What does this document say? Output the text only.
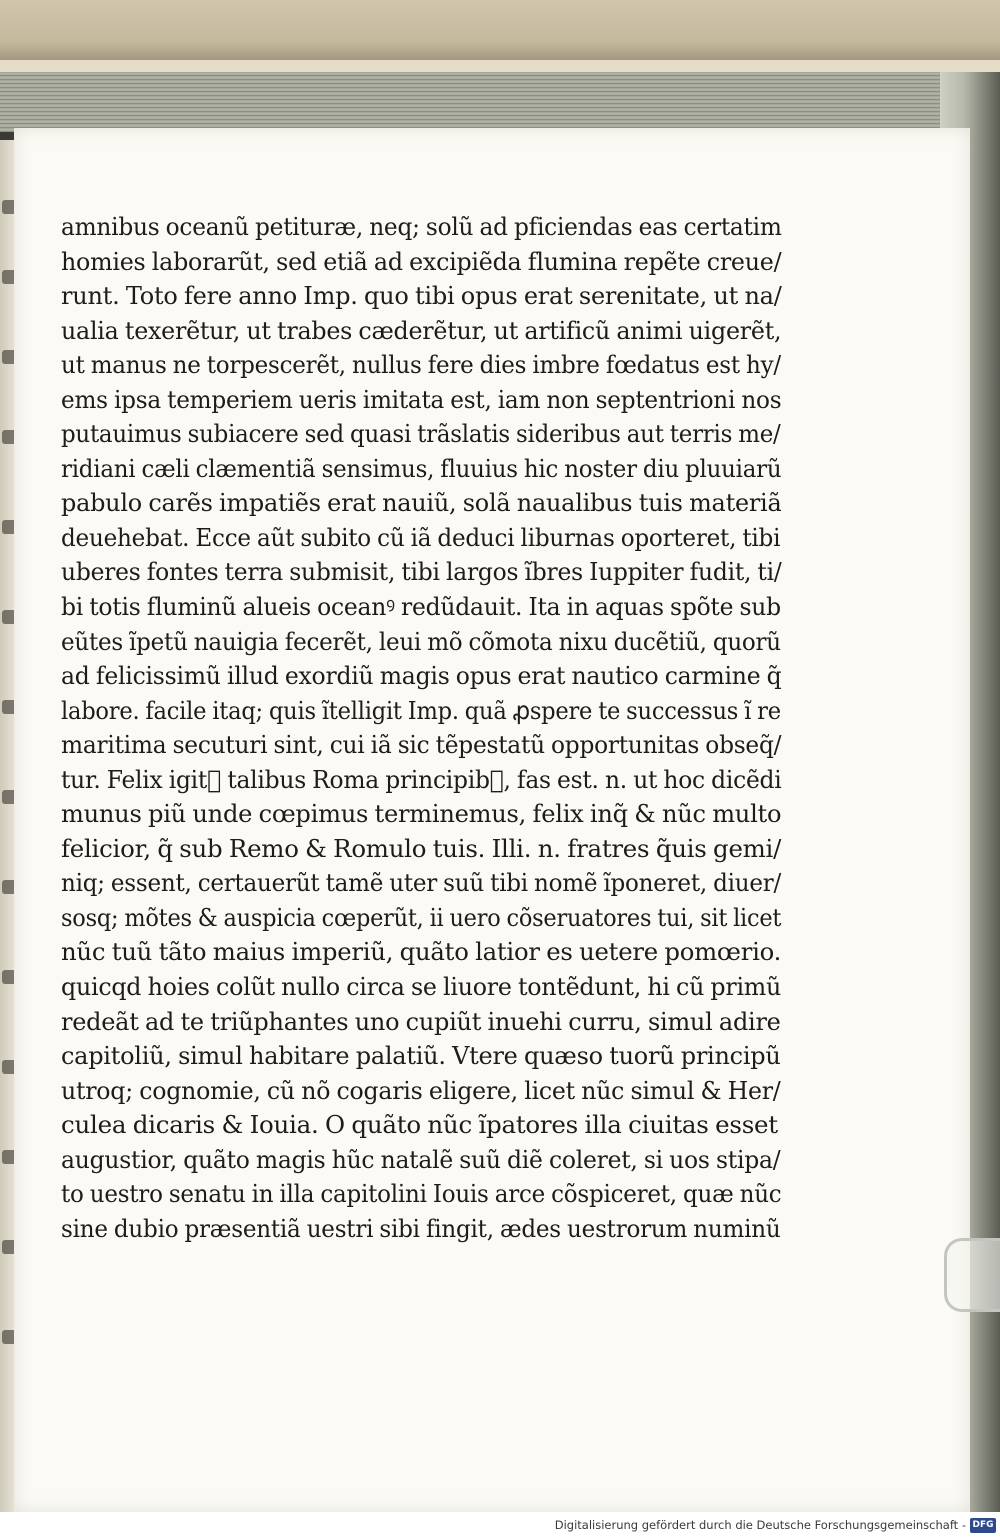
amnibus oceanũ petituræ, neq; solũ ad pficiendas eas certatim
homies laborarũt, sed etiã ad excipiẽda flumina repẽte creue/
runt. Toto fere anno Imp. quo tibi opus erat serenitate, ut na/
ualia texerẽtur, ut trabes cæderẽtur, ut artificũ animi uigerẽt,
ut manus ne torpescerẽt, nullus fere dies imbre fœdatus est hy/
ems ipsa temperiem ueris imitata est, iam non septentrioni nos
putauimus subiacere sed quasi trãslatis sideribus aut terris me/
ridiani cæli clæmentiã sensimus, fluuius hic noster diu pluuiarũ
pabulo carẽs impatiẽs erat nauiũ, solã naualibus tuis materiã
deuehebat. Ecce aũt subito cũ iã deduci liburnas oporteret, tibi
uberes fontes terra submisit, tibi largos ĩbres Iuppiter fudit, ti/
bi totis fluminũ alueis oceanꝰ redũdauit. Ita in aquas spõte sub
eũtes ĩpetũ nauigia fecerẽt, leui mõ cõmota nixu ducẽtiũ, quorũ
ad felicissimũ illud exordiũ magis opus erat nautico carmine q̃
labore. facile itaq; quis ĩtelligit Imp. quã ꝓspere te successus ĩ re
maritima secuturi sint, cui iã sic tẽpestatũ opportunitas obseq̃/
tur. Felix igit᷑ talibus Roma principibꝰ, fas est. n. ut hoc dicẽdi
munus piũ unde cœpimus terminemus, felix inq̃ & nũc multo
felicior, q̃ sub Remo & Romulo tuis. Illi. n. fratres q̃uis gemi/
niq; essent, certauerũt tamẽ uter suũ tibi nomẽ ĩponeret, diuer/
sosq; mõtes & auspicia cœperũt, ii uero cõseruatores tui, sit licet
nũc tuũ tãto maius imperiũ, quãto latior es uetere pomœrio.
quicqd hoies colũt nullo circa se liuore tontẽdunt, hi cũ primũ
redeãt ad te triũphantes uno cupiũt inuehi curru, simul adire
capitoliũ, simul habitare palatiũ. Vtere quæso tuorũ principũ
utroq; cognomie, cũ nõ cogaris eligere, licet nũc simul & Her/
culea dicaris & Iouia. O quãto nũc ĩpatores illa ciuitas esset
augustior, quãto magis hũc natalẽ suũ diẽ coleret, si uos stipa/
to uestro senatu in illa capitolini Iouis arce cõspiceret, quæ nũc
sine dubio præsentiã uestri sibi fingit, ædes uestrorum numinũ
Digitalisierung gefördert durch die Deutsche Forschungsgemeinschaft - DFG
